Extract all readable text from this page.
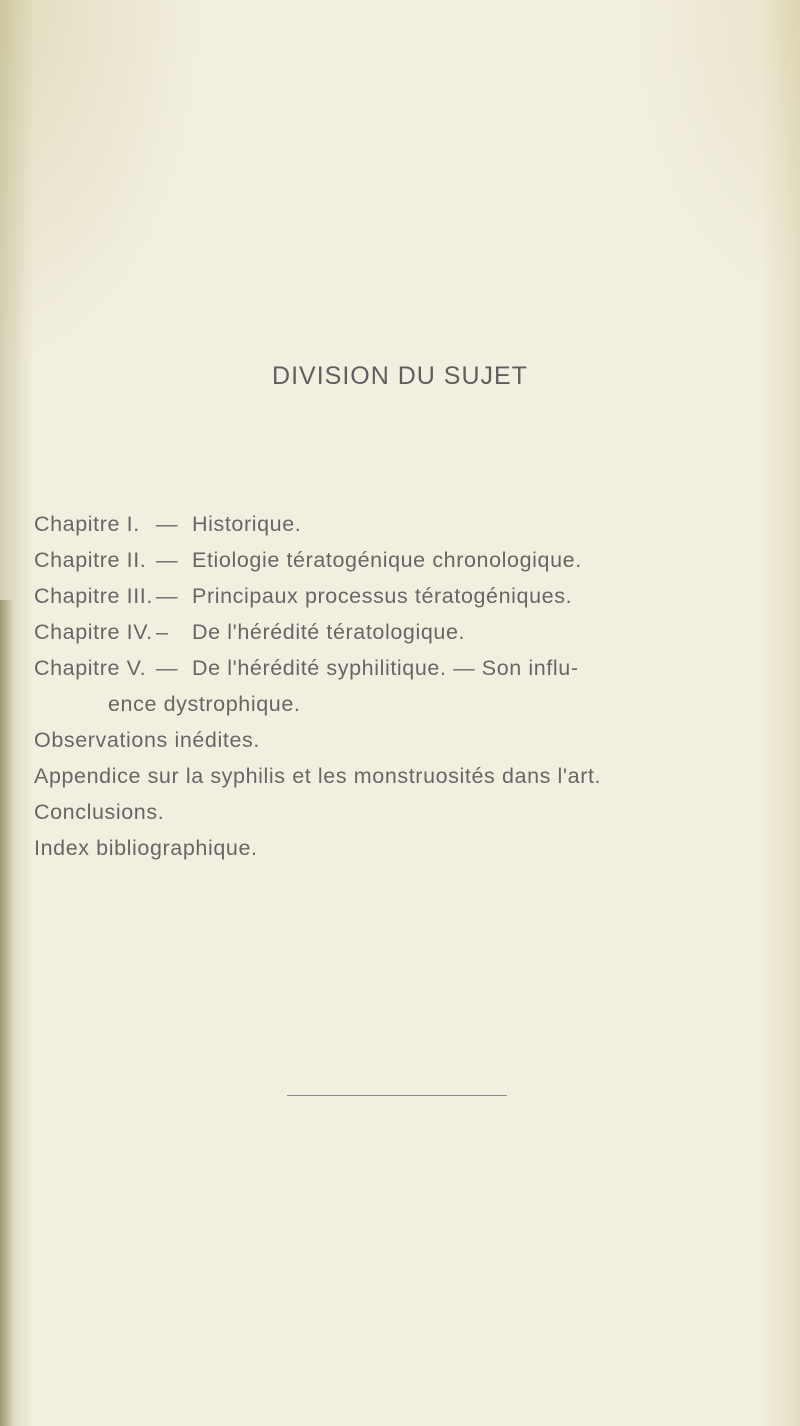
DIVISION DU SUJET
Chapitre I. — Historique.
Chapitre II. — Etiologie tératogénique chronologique.
Chapitre III. — Principaux processus tératogéniques.
Chapitre IV. – De l'hérédité tératologique.
Chapitre V. — De l'hérédité syphilitique. — Son influ-
ence dystrophique.
Observations inédites.
Appendice sur la syphilis et les monstruosités dans l'art.
Conclusions.
Index bibliographique.
